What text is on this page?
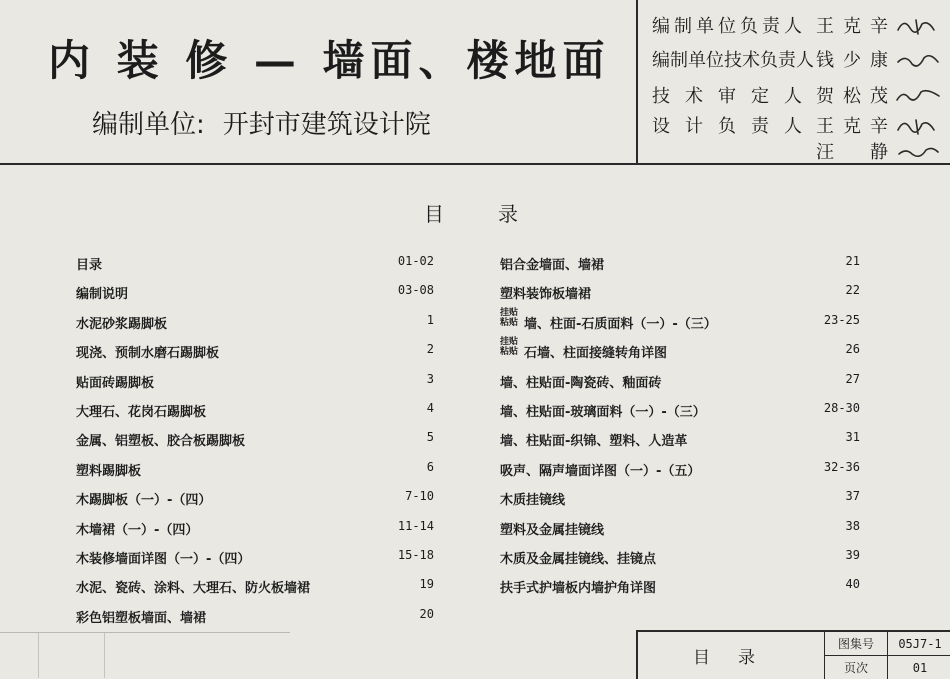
内 装 修 — 墙面、楼地面
编制单位: 开封市建筑设计院
编 制 单 位 负 责 人 王 克 辛
编 制 单 位 技 术 负 责 人 钱 少 康
技 术 审 定 人 贺 松 茂
设 计 负 责 人 王 克 辛
汪 静
目	录
目录	01-02
编制说明	03-08
水泥砂浆踢脚板	1
现浇、预制水磨石踢脚板	2
贴面砖踢脚板	3
大理石、花岗石踢脚板	4
金属、铝塑板、胶合板踢脚板	5
塑料踢脚板	6
木踢脚板（一）-（四）	7-10
木墙裙（一）-（四）	11-14
木装修墙面详图（一）-（四）	15-18
水泥、瓷砖、涂料、大理石、防火板墙裙	19
彩色铝塑板墙面、墙裙	20
铝合金墙面、墙裙	21
塑料装饰板墙裙	22
挂贴
粘贴 墙、柱面-石质面料（一）-（三）	23-25
挂贴
粘贴 石墙、柱面接缝转角详图	26
墙、柱贴面-陶瓷砖、釉面砖	27
墙、柱贴面-玻璃面料（一）-（三）	28-30
墙、柱贴面-织锦、塑料、人造革	31
吸声、隔声墙面详图（一）-（五）	32-36
木质挂镜线	37
塑料及金属挂镜线	38
木质及金属挂镜线、挂镜点	39
扶手式护墙板内墙护角详图	40
目录
图集号	05J7-1
页次	01
